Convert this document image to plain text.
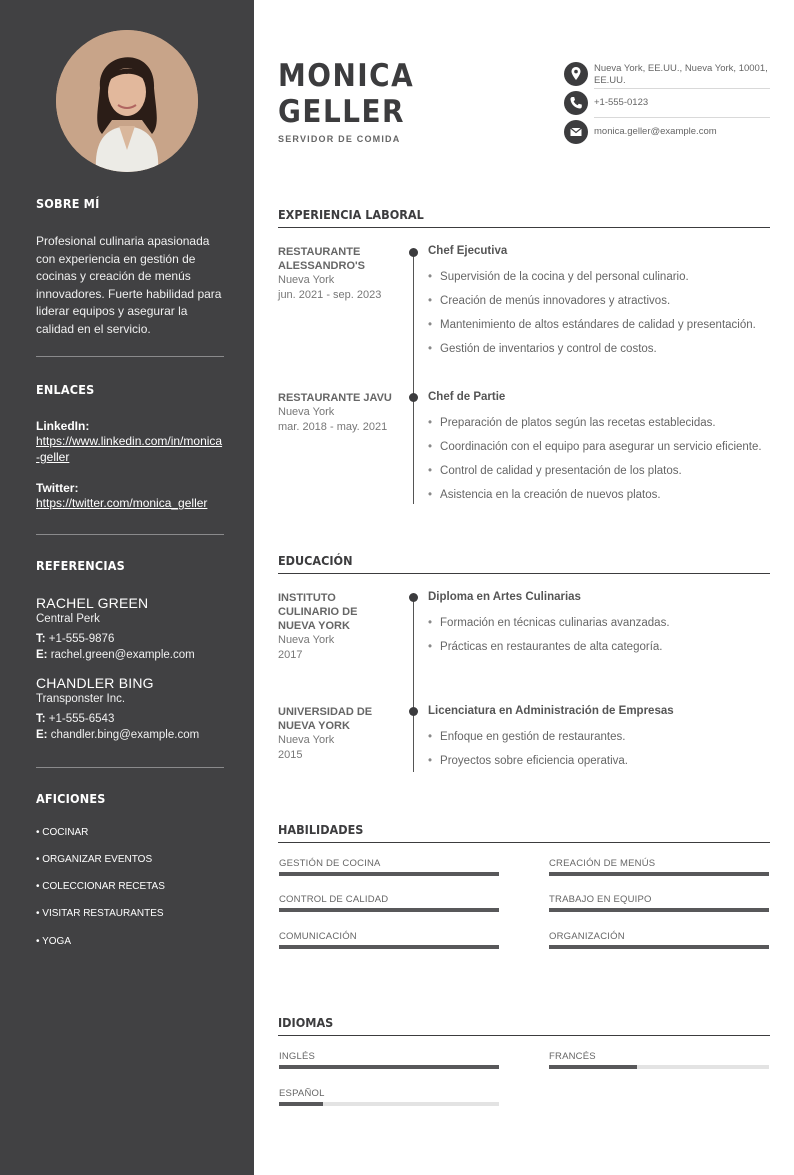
SOBRE MÍ
Profesional culinaria apasionada con experiencia en gestión de cocinas y creación de menús innovadores. Fuerte habilidad para liderar equipos y asegurar la calidad en el servicio.
ENLACES
LinkedIn:
https://www.linkedin.com/in/monica-geller
Twitter:
https://twitter.com/monica_geller
REFERENCIAS
RACHEL GREEN
Central Perk
T: +1-555-9876
E: rachel.green@example.com
CHANDLER BING
Transponster Inc.
T: +1-555-6543
E: chandler.bing@example.com
AFICIONES
• COCINAR
• ORGANIZAR EVENTOS
• COLECCIONAR RECETAS
• VISITAR RESTAURANTES
• YOGA
MONICA
GELLER
SERVIDOR DE COMIDA
Nueva York, EE.UU., Nueva York, 10001, EE.UU.
+1-555-0123
monica.geller@example.com
EXPERIENCIA LABORAL
RESTAURANTE ALESSANDRO'S
Nueva York
jun. 2021 - sep. 2023
Chef Ejecutiva
• Supervisión de la cocina y del personal culinario.
• Creación de menús innovadores y atractivos.
• Mantenimiento de altos estándares de calidad y presentación.
• Gestión de inventarios y control de costos.
RESTAURANTE JAVU
Nueva York
mar. 2018 - may. 2021
Chef de Partie
• Preparación de platos según las recetas establecidas.
• Coordinación con el equipo para asegurar un servicio eficiente.
• Control de calidad y presentación de los platos.
• Asistencia en la creación de nuevos platos.
EDUCACIÓN
INSTITUTO CULINARIO DE NUEVA YORK
Nueva York
2017
Diploma en Artes Culinarias
• Formación en técnicas culinarias avanzadas.
• Prácticas en restaurantes de alta categoría.
UNIVERSIDAD DE NUEVA YORK
Nueva York
2015
Licenciatura en Administración de Empresas
• Enfoque en gestión de restaurantes.
• Proyectos sobre eficiencia operativa.
HABILIDADES
GESTIÓN DE COCINA	CREACIÓN DE MENÚS
CONTROL DE CALIDAD	TRABAJO EN EQUIPO
COMUNICACIÓN	ORGANIZACIÓN
IDIOMAS
INGLÉS	FRANCÉS
ESPAÑOL
